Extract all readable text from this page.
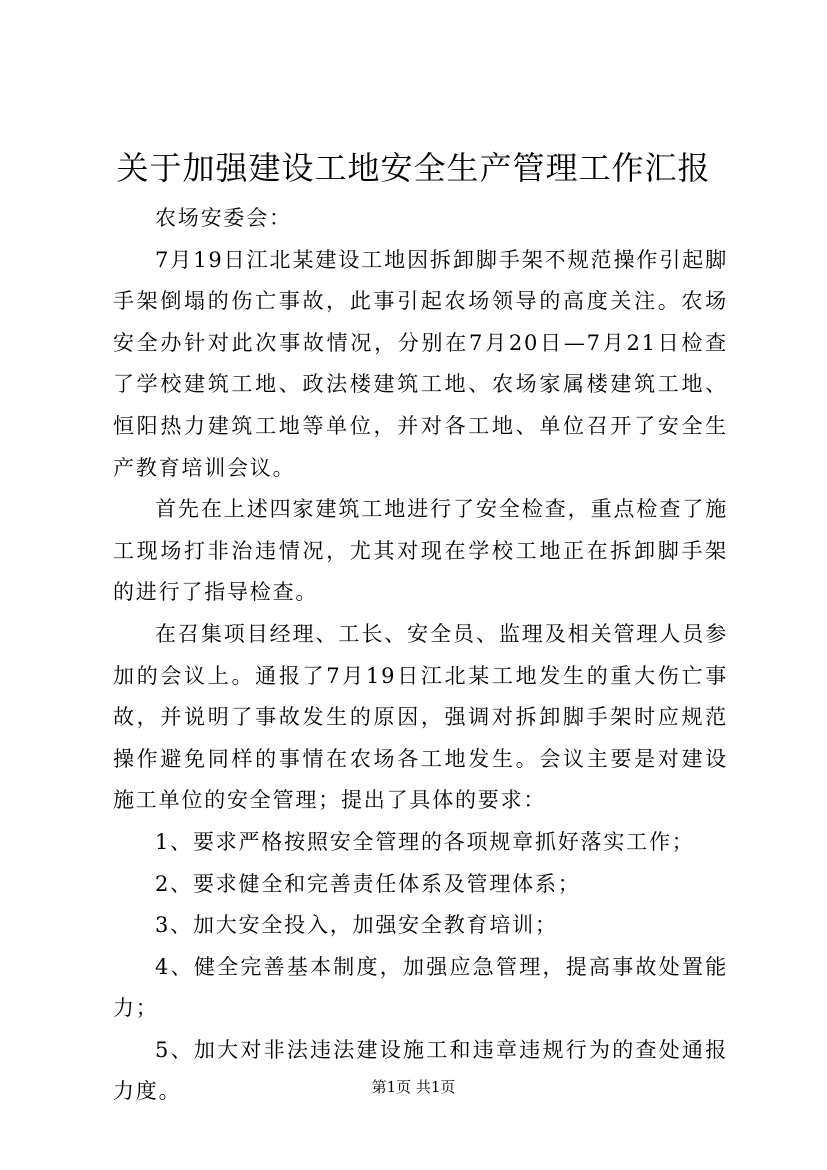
关于加强建设工地安全生产管理工作汇报

农场安委会：

7月19日江北某建设工地因拆卸脚手架不规范操作引起脚手架倒塌的伤亡事故，此事引起农场领导的高度关注。农场安全办针对此次事故情况，分别在7月20日—7月21日检查了学校建筑工地、政法楼建筑工地、农场家属楼建筑工地、恒阳热力建筑工地等单位，并对各工地、单位召开了安全生产教育培训会议。

首先在上述四家建筑工地进行了安全检查，重点检查了施工现场打非治违情况，尤其对现在学校工地正在拆卸脚手架的进行了指导检查。

在召集项目经理、工长、安全员、监理及相关管理人员参加的会议上。通报了7月19日江北某工地发生的重大伤亡事故，并说明了事故发生的原因，强调对拆卸脚手架时应规范操作避免同样的事情在农场各工地发生。会议主要是对建设施工单位的安全管理；提出了具体的要求：

1、要求严格按照安全管理的各项规章抓好落实工作；

2、要求健全和完善责任体系及管理体系；

3、加大安全投入，加强安全教育培训；

4、健全完善基本制度，加强应急管理，提高事故处置能力；

5、加大对非法违法建设施工和违章违规行为的查处通报力度。	第1页 共1页
